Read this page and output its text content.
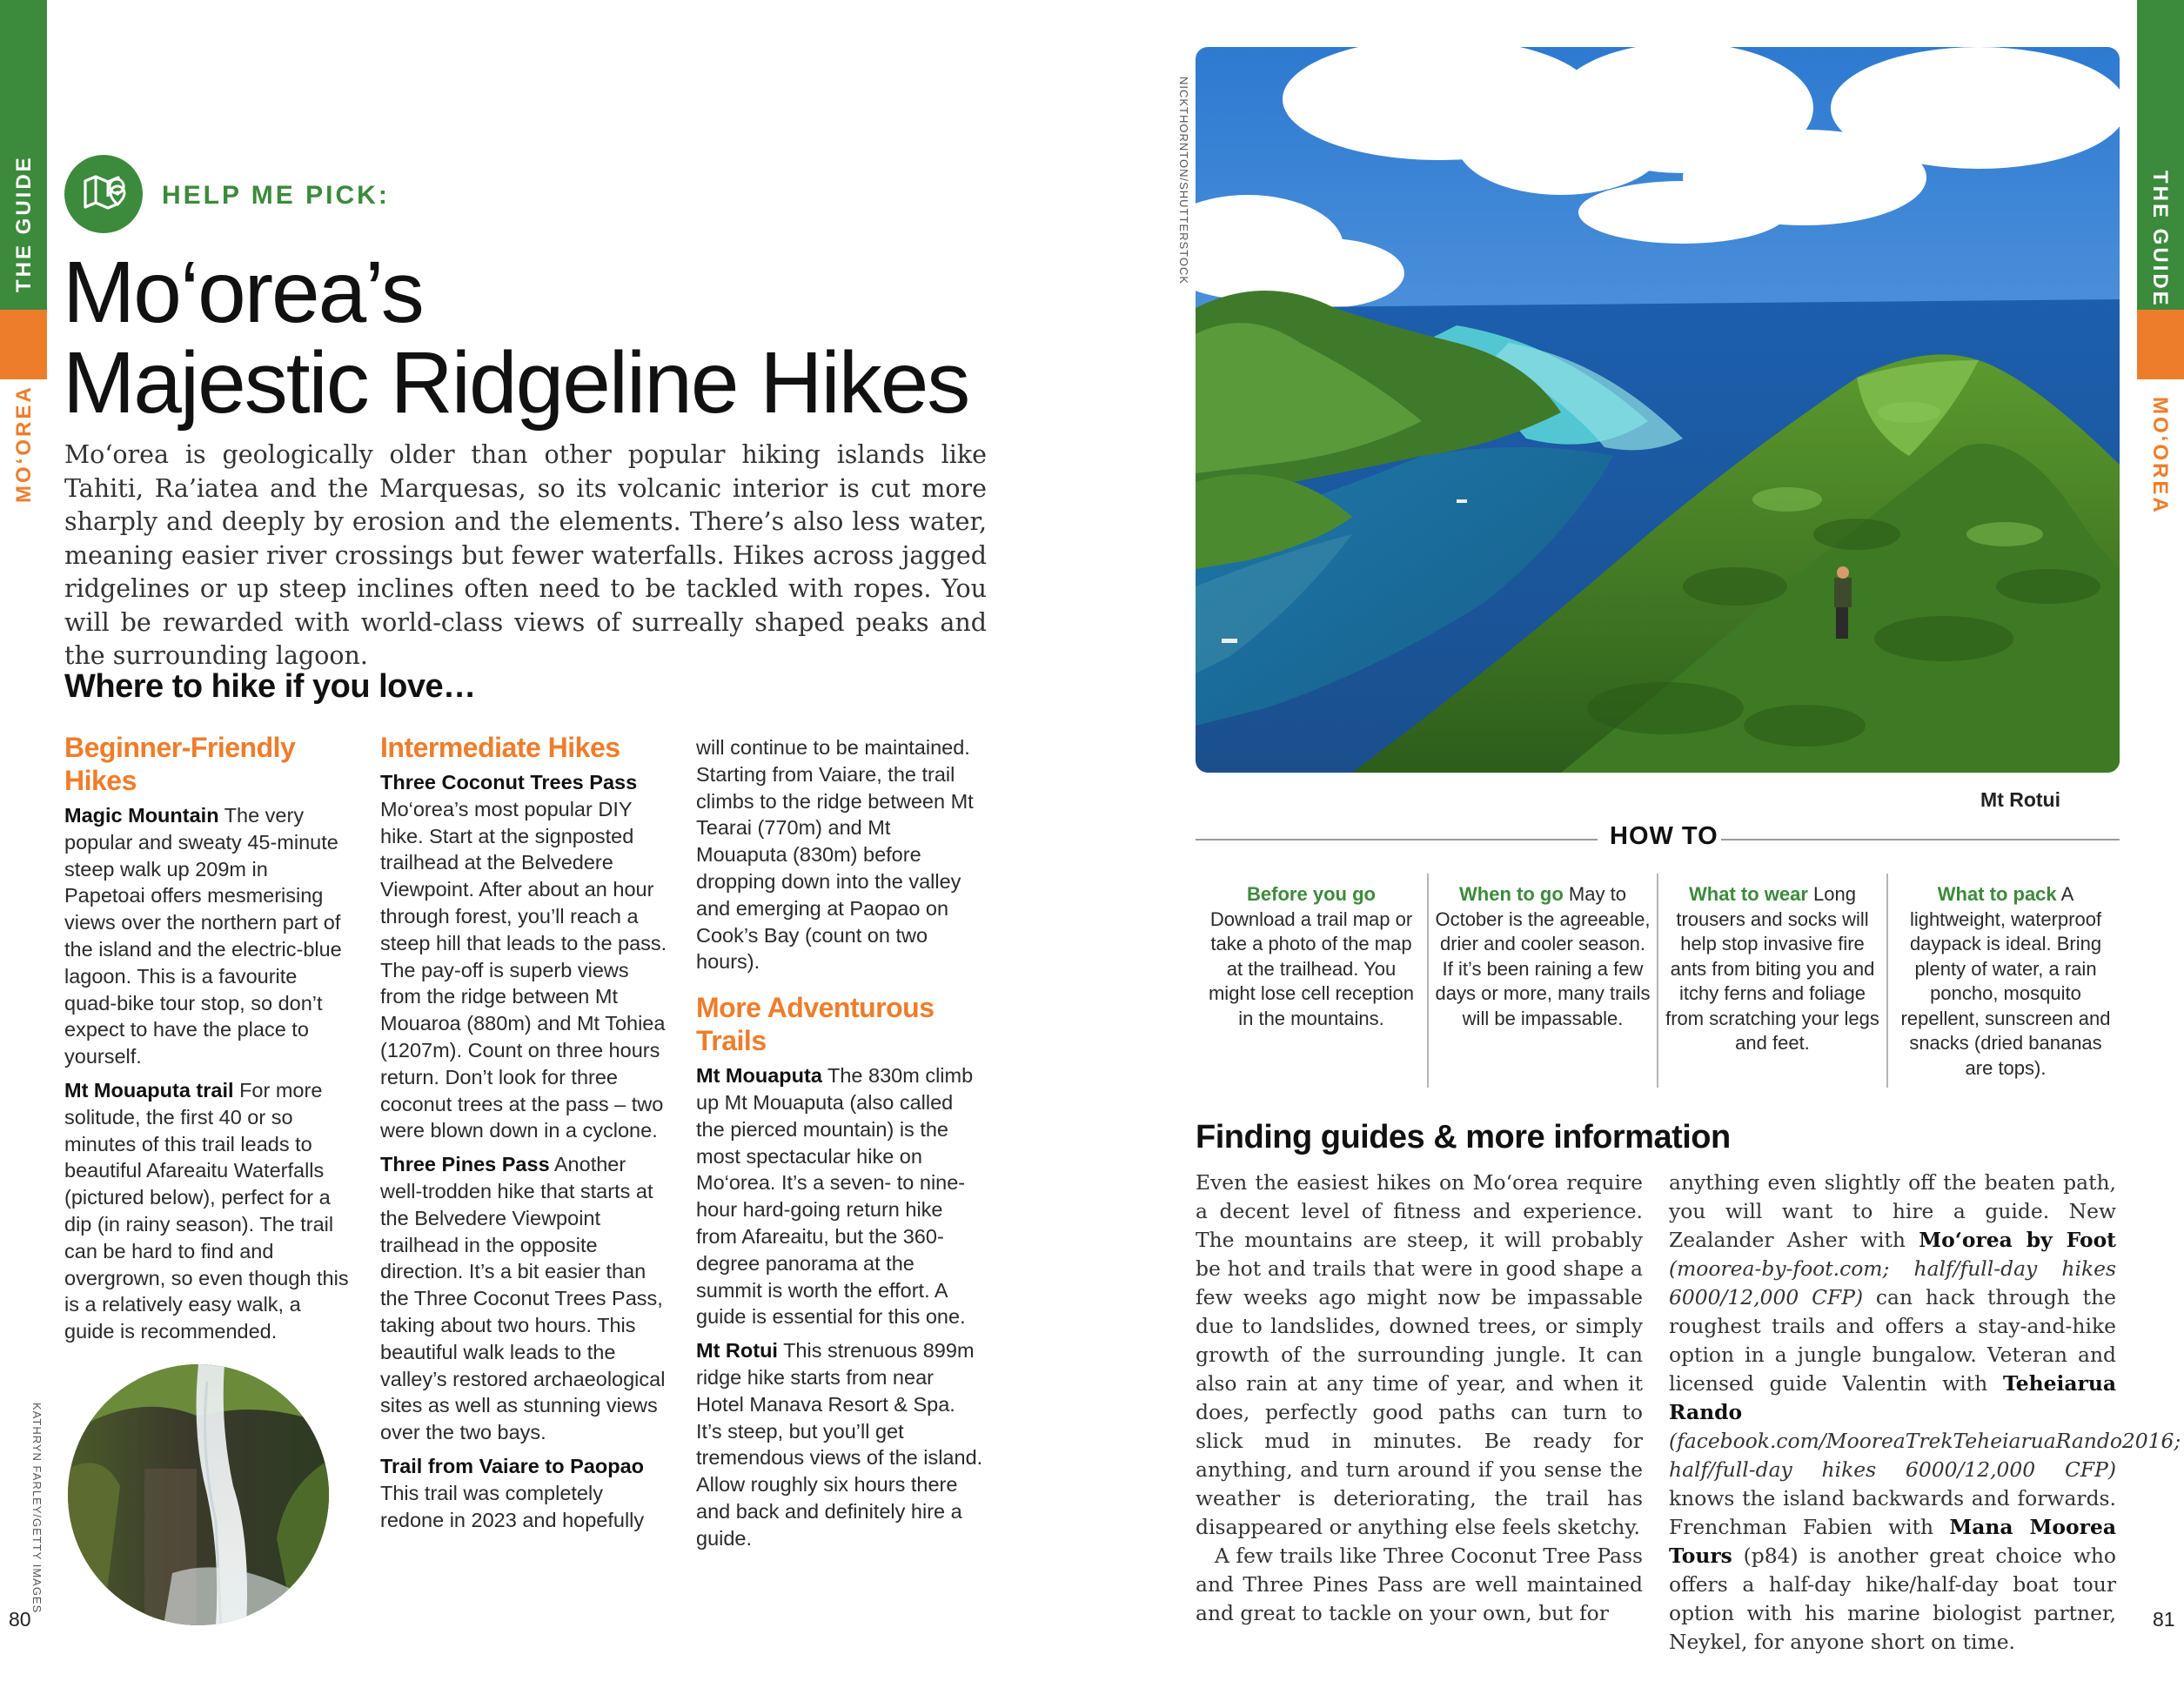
THE GUIDE
MO‘OREA
THE GUIDE
MO‘OREA
HELP ME PICK:
Mo‘orea’s
Majestic Ridgeline Hikes

Mo‘orea is geologically older than other popular hiking islands like Tahiti, Ra’iatea and the Marquesas, so its volcanic interior is cut more sharply and deeply by erosion and the elements. There’s also less water, meaning easier river crossings but fewer waterfalls. Hikes across jagged ridgelines or up steep inclines often need to be tackled with ropes. You will be rewarded with world-class views of surreally shaped peaks and the surrounding lagoon.

Where to hike if you love…
Beginner-Friendly Hikes

Magic Mountain The very popular and sweaty 45-minute steep walk up 209m in Papetoai offers mesmerising views over the northern part of the island and the electric-blue lagoon. This is a favourite quad-bike tour stop, so don’t expect to have the place to yourself.

Mt Mouaputa trail For more solitude, the first 40 or so minutes of this trail leads to beautiful Afareaitu Waterfalls (pictured below), perfect for a dip (in rainy season). The trail can be hard to find and overgrown, so even though this is a relatively easy walk, a guide is recommended.

Intermediate Hikes

Three Coconut Trees Pass Mo‘orea’s most popular DIY hike. Start at the signposted trailhead at the Belvedere Viewpoint. After about an hour through forest, you’ll reach a steep hill that leads to the pass. The pay-off is superb views from the ridge between Mt Mouaroa (880m) and Mt Tohiea (1207m). Count on three hours return. Don’t look for three coconut trees at the pass – two were blown down in a cyclone.

Three Pines Pass Another well-trodden hike that starts at the Belvedere Viewpoint trailhead in the opposite direction. It’s a bit easier than the Three Coconut Trees Pass, taking about two hours. This beautiful walk leads to the valley’s restored archaeological sites as well as stunning views over the two bays.

Trail from Vaiare to Paopao This trail was completely redone in 2023 and hopefully

will continue to be maintained. Starting from Vaiare, the trail climbs to the ridge between Mt Tearai (770m) and Mt Mouaputa (830m) before dropping down into the valley and emerging at Paopao on Cook’s Bay (count on two hours).

More Adventurous Trails

Mt Mouaputa The 830m climb up Mt Mouaputa (also called the pierced mountain) is the most spectacular hike on Mo‘orea. It’s a seven- to nine-hour hard-going return hike from Afareaitu, but the 360-degree panorama at the summit is worth the effort. A guide is essential for this one.

Mt Rotui This strenuous 899m ridge hike starts from near Hotel Manava Resort & Spa. It’s steep, but you’ll get tremendous views of the island. Allow roughly six hours there and back and definitely hire a guide.

KATHRYN FARLEY/GETTY IMAGES
80
NICKTHORNTON/SHUTTERSTOCK
Mt Rotui
HOW TO
Before you go Download a trail map or take a photo of the map at the trailhead. You might lose cell reception in the mountains.
When to go May to October is the agreeable, drier and cooler season. If it’s been raining a few days or more, many trails will be impassable.
What to wear Long trousers and socks will help stop invasive fire ants from biting you and itchy ferns and foliage from scratching your legs and feet.
What to pack A lightweight, waterproof daypack is ideal. Bring plenty of water, a rain poncho, mosquito repellent, sunscreen and snacks (dried bananas are tops).
Finding guides & more information

Even the easiest hikes on Mo‘orea require a decent level of fitness and experience. The mountains are steep, it will probably be hot and trails that were in good shape a few weeks ago might now be impassable due to landslides, downed trees, or simply growth of the surrounding jungle. It can also rain at any time of year, and when it does, perfectly good paths can turn to slick mud in minutes. Be ready for anything, and turn around if you sense the weather is deteriorating, the trail has disappeared or anything else feels sketchy.

A few trails like Three Coconut Tree Pass and Three Pines Pass are well maintained and great to tackle on your own, but for

anything even slightly off the beaten path, you will want to hire a guide. New Zealander Asher with Mo‘orea by Foot (moorea-by-foot.com; half/full-day hikes 6000/12,000 CFP) can hack through the roughest trails and offers a stay-and-hike option in a jungle bungalow. Veteran and licensed guide Valentin with Teheiarua Rando (facebook.com/MooreaTrekTeheiaruaRando2016; half/full-day hikes 6000/12,000 CFP) knows the island backwards and forwards. Frenchman Fabien with Mana Moorea Tours (p84) is another great choice who offers a half-day hike/half-day boat tour option with his marine biologist partner, Neykel, for anyone short on time.

81
